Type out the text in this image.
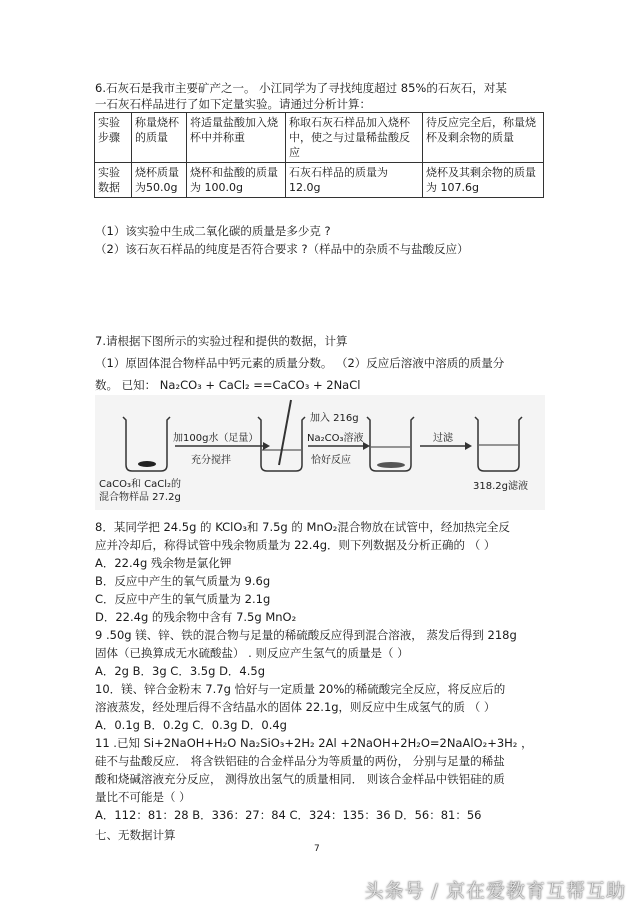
6.石灰石是我市主要矿产之一。 小江同学为了寻找纯度超过 85%的石灰石，对某
一石灰石样品进行了如下定量实验。请通过分析计算：
实验步骤	称量烧杯的质量	将适量盐酸加入烧杯中并称重	称取石灰石样品加入烧杯中，使之与过量稀盐酸反应	待反应完全后，称量烧杯及剩余物的质量
实验数据	烧杯质量为50.0g	烧杯和盐酸的质量为 100.0g	石灰石样品的质量为12.0g	烧杯及其剩余物的质量为 107.6g
（1）该实验中生成二氧化碳的质量是多少克 ?
（2）该石灰石样品的纯度是否符合要求 ?（样品中的杂质不与盐酸反应）
7.请根据下图所示的实验过程和提供的数据，计算
（1）原固体混合物样品中钙元素的质量分数。 （2）反应后溶液中溶质的质量分
数。 已知： Na₂CO₃ + CaCl₂ ==CaCO₃ + 2NaCl
CaCO₃和 CaCl₂的
混合物样品 27.2g
加100g水（足量）
充分搅拌
加入 216g
Na₂CO₃溶液
恰好反应
过滤
318.2g滤液
8．某同学把 24.5g 的 KClO₃和 7.5g 的 MnO₂混合物放在试管中，经加热完全反
应并冷却后，称得试管中残余物质量为 22.4g．则下列数据及分析正确的 （ ）
A．22.4g 残余物是氯化钾
B．反应中产生的氧气质量为 9.6g
C．反应中产生的氧气质量为 2.1g
D．22.4g 的残余物中含有 7.5g MnO₂
9 .50g 镁、锌、铁的混合物与足量的稀硫酸反应得到混合溶液， 蒸发后得到 218g
固体（已换算成无水硫酸盐） . 则反应产生氢气的质量是（ ）
A．2g B．3g C．3.5g D．4.5g
10．镁、锌合金粉末 7.7g 恰好与一定质量 20%的稀硫酸完全反应，将反应后的
溶液蒸发，经处理后得不含结晶水的固体 22.1g，则反应中生成氢气的质 （ ）
A．0.1g B．0.2g C．0.3g D．0.4g
11 .已知 Si+2NaOH+H₂O Na₂SiO₃+2H₂ 2Al +2NaOH+2H₂O=2NaAlO₂+3H₂ ，
硅不与盐酸反应． 将含铁铝硅的合金样品分为等质量的两份， 分别与足量的稀盐
酸和烧碱溶液充分反应， 测得放出氢气的质量相同． 则该合金样品中铁铝硅的质
量比不可能是（ ）
A．112：81：28 B．336：27：84 C．324：135：36 D．56：81：56
七、无数据计算
7
头条号 / 京在爱教育互帮互助
